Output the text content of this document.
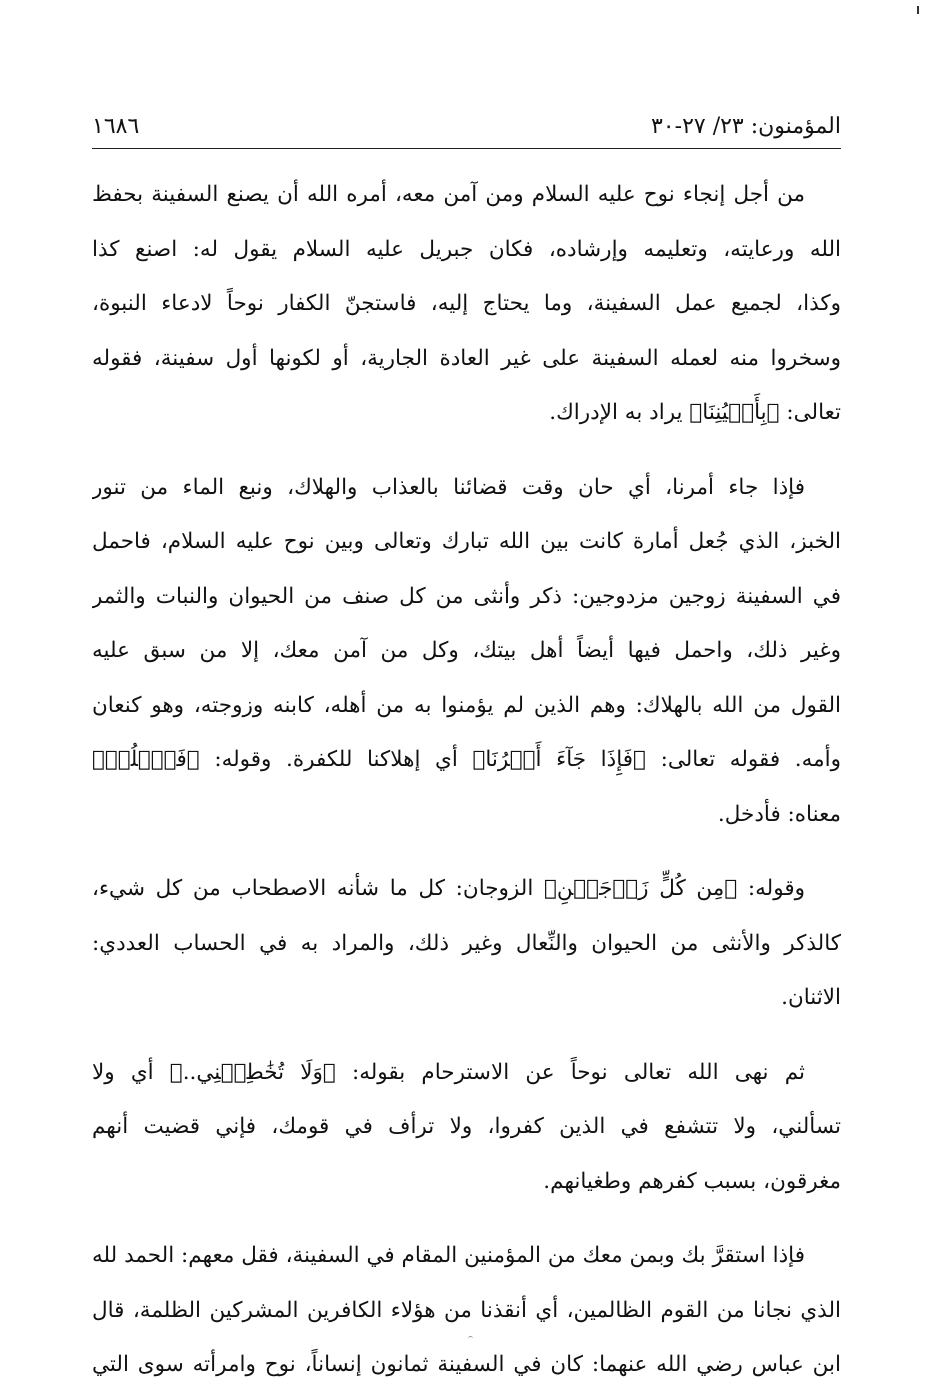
المؤمنون: ٢٣/ ٢٧-٣٠
١٦٨٦
من أجل إنجاء نوح عليه السلام ومن آمن معه، أمره الله أن يصنع السفينة بحفظ
الله ورعايته، وتعليمه وإرشاده، فكان جبريل عليه السلام يقول له: اصنع كذا
وكذا، لجميع عمل السفينة، وما يحتاج إليه، فاستجنّ الكفار نوحاً لادعاء النبوة،
وسخروا منه لعمله السفينة على غير العادة الجارية، أو لكونها أول سفينة، فقوله
تعالى: ﴿بِأَعۡيُنِنَا﴾ يراد به الإدراك.
فإذا جاء أمرنا، أي حان وقت قضائنا بالعذاب والهلاك، ونبع الماء من تنور
الخبز، الذي جُعل أمارة كانت بين الله تبارك وتعالى وبين نوح عليه السلام، فاحمل
في السفينة زوجين مزدوجين: ذكر وأنثى من كل صنف من الحيوان والنبات والثمر
وغير ذلك، واحمل فيها أيضاً أهل بيتك، وكل من آمن معك، إلا من سبق عليه
القول من الله بالهلاك: وهم الذين لم يؤمنوا به من أهله، كابنه وزوجته، وهو كنعان
وأمه. فقوله تعالى: ﴿فَإِذَا جَآءَ أَمۡرُنَا﴾ أي إهلاكنا للكفرة. وقوله: ﴿فَٱسۡلُكۡ﴾
معناه: فأدخل.
وقوله: ﴿مِن كُلٍّ زَوۡجَيۡنِ﴾ الزوجان: كل ما شأنه الاصطحاب من كل شيء،
كالذكر والأنثى من الحيوان والنِّعال وغير ذلك، والمراد به في الحساب العددي:
الاثنان.
ثم نهى الله تعالى نوحاً عن الاسترحام بقوله: ﴿وَلَا تُخَٰطِبۡنِي..﴾ أي ولا
تسألني، ولا تتشفع في الذين كفروا، ولا ترأف في قومك، فإني قضيت أنهم
مغرقون، بسبب كفرهم وطغيانهم.
فإذا استقرَّ بك وبمن معك من المؤمنين المقام في السفينة، فقل معهم: الحمد لله
الذي نجانا من القوم الظالمين، أي أنقذنا من هؤلاء الكافرين المشركين الظلمة، قال
ابن عباس رضي الله عنهما: كان في السفينة ثمانون إنساناً، نوح وامرأته سوى التي
